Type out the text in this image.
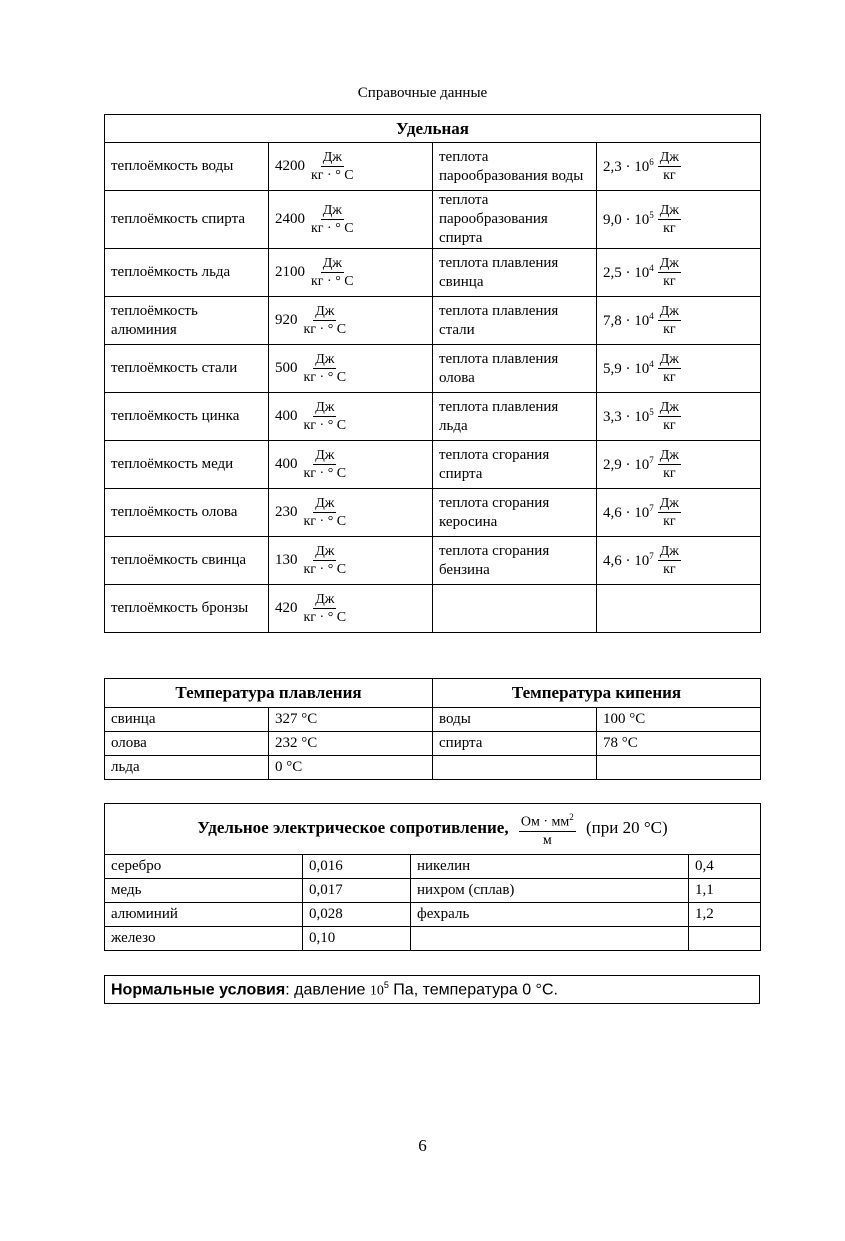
Справочные данные
Удельная			
теплоёмкость воды	$4200 \frac{Дж}{кг \cdot ^\circ С}$	теплота парообразования воды	$2,3 \cdot 10^6 \frac{Дж}{кг}$

теплоёмкость спирта	$2400 \frac{Дж}{кг \cdot ^\circ С}$	теплота парообразования спирта	$9,0 \cdot 10^5 \frac{Дж}{кг}$

теплоёмкость льда	$2100 \frac{Дж}{кг \cdot ^\circ С}$	теплота плавления свинца	$2,5 \cdot 10^4 \frac{Дж}{кг}$

теплоёмкость алюминия	$920 \frac{Дж}{кг \cdot ^\circ С}$	теплота плавления стали	$7,8 \cdot 10^4 \frac{Дж}{кг}$

теплоёмкость стали	$500 \frac{Дж}{кг \cdot ^\circ С}$	теплота плавления олова	$5,9 \cdot 10^4 \frac{Дж}{кг}$

теплоёмкость цинка	$400 \frac{Дж}{кг \cdot ^\circ С}$	теплота плавления льда	$3,3 \cdot 10^5 \frac{Дж}{кг}$

теплоёмкость меди	$400 \frac{Дж}{кг \cdot ^\circ С}$	теплота сгорания спирта	$2,9 \cdot 10^7 \frac{Дж}{кг}$

теплоёмкость олова	$230 \frac{Дж}{кг \cdot ^\circ С}$	теплота сгорания керосина	$4,6 \cdot 10^7 \frac{Дж}{кг}$

теплоёмкость свинца	$130 \frac{Дж}{кг \cdot ^\circ С}$	теплота сгорания бензина	$4,6 \cdot 10^7 \frac{Дж}{кг}$

теплоёмкость бронзы	$420 \frac{Дж}{кг \cdot ^\circ С}$

Температура плавления		Температура кипения	
свинца	327 °С	воды	100 °С
олова	232 °С	спирта	78 °С
льда	0 °С		
Удельное электрическое сопротивление, Ом · $мм^2$
м
(при 20 °С)			
серебро	0,016	никелин	0,4
медь	0,017	нихром (сплав)	1,1
алюминий	0,028	фехраль	1,2
железо	0,10		
Нормальные условия: давление $10^5$ Па, температура 0 °С.
6
